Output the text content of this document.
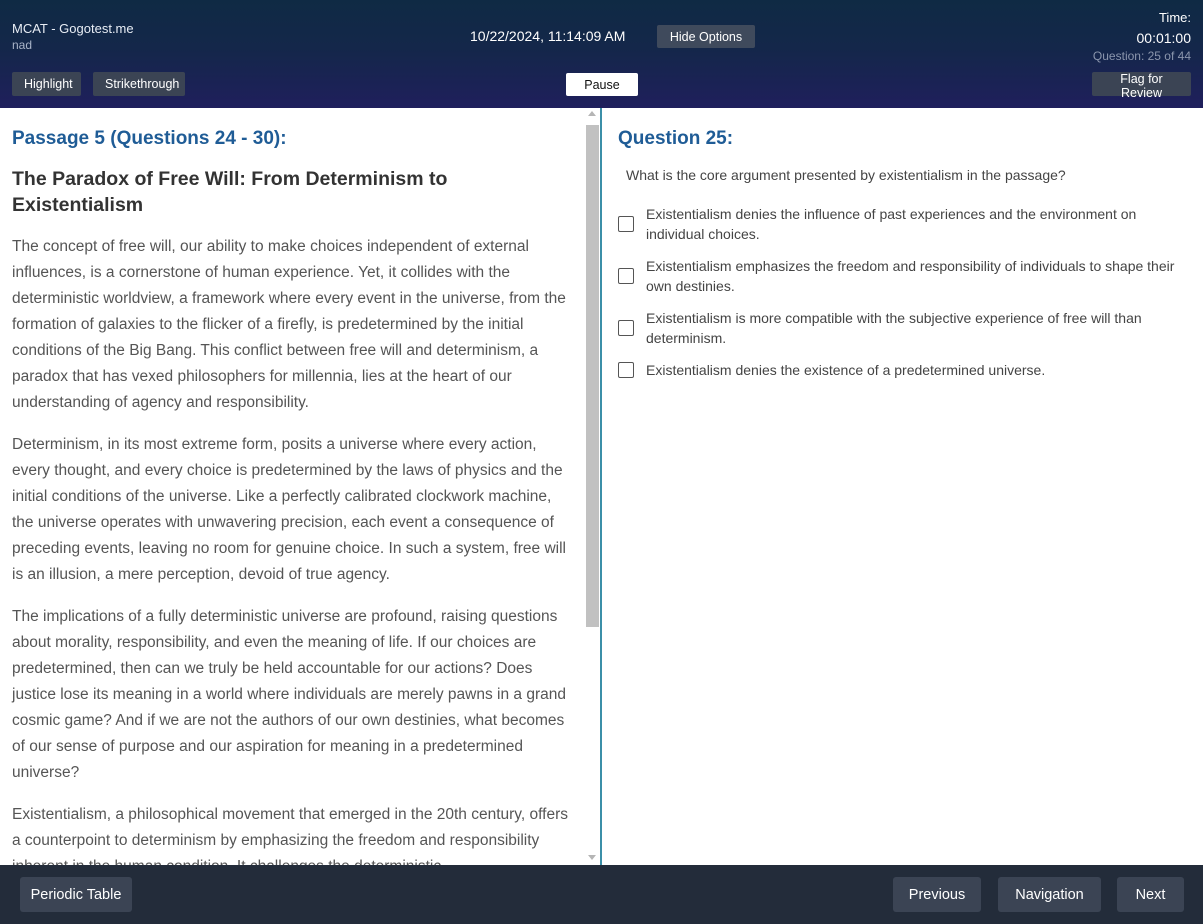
MCAT - Gogotest.me
nad
10/22/2024, 11:14:09 AM	Hide Options
Time:
00:01:00
Question: 25 of 44
Highlight	Strikethrough	Pause	Flag for Review
Passage 5 (Questions 24 - 30):
The Paradox of Free Will: From Determinism to Existentialism

The concept of free will, our ability to make choices independent of external influences, is a cornerstone of human experience. Yet, it collides with the deterministic worldview, a framework where every event in the universe, from the formation of galaxies to the flicker of a firefly, is predetermined by the initial conditions of the Big Bang. This conflict between free will and determinism, a paradox that has vexed philosophers for millennia, lies at the heart of our understanding of agency and responsibility.

Determinism, in its most extreme form, posits a universe where every action, every thought, and every choice is predetermined by the laws of physics and the initial conditions of the universe. Like a perfectly calibrated clockwork machine, the universe operates with unwavering precision, each event a consequence of preceding events, leaving no room for genuine choice. In such a system, free will is an illusion, a mere perception, devoid of true agency.

The implications of a fully deterministic universe are profound, raising questions about morality, responsibility, and even the meaning of life. If our choices are predetermined, then can we truly be held accountable for our actions? Does justice lose its meaning in a world where individuals are merely pawns in a grand cosmic game? And if we are not the authors of our own destinies, what becomes of our sense of purpose and our aspiration for meaning in a predetermined universe?

Existentialism, a philosophical movement that emerged in the 20th century, offers a counterpoint to determinism by emphasizing the freedom and responsibility

Question 25:
What is the core argument presented by existentialism in the passage?
Existentialism denies the influence of past experiences and the environment on individual choices.
Existentialism emphasizes the freedom and responsibility of individuals to shape their own destinies.
Existentialism is more compatible with the subjective experience of free will than determinism.
Existentialism denies the existence of a predetermined universe.
Periodic Table	Previous	Navigation	Next
